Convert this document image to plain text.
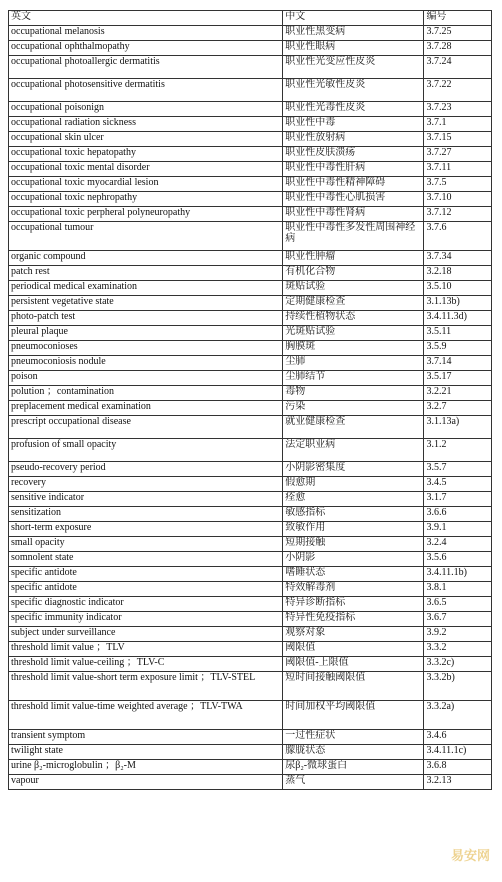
英文	中文	编号
occupational melanosis	职业性黑变病	3.7.25
occupational ophthalmopathy	职业性眼病	3.7.28
occupational photoallergic dermatitis	职业性光变应性皮炎	3.7.24
occupational photosensitive dermatitis	职业性光敏性皮炎	3.7.22
occupational poisonign	职业性光毒性皮炎	3.7.23
occupational radiation sickness	职业性中毒	3.7.1
occupational skin ulcer	职业性放射病	3.7.15
occupational toxic hepatopathy	职业性皮肤溃疡	3.7.27
occupational toxic mental disorder	职业性中毒性肝病	3.7.11
occupational toxic myocardial lesion	职业性中毒性精神障碍	3.7.5
occupational toxic nephropathy	职业性中毒性心肌损害	3.7.10
occupational toxic perpheral polyneuropathy	职业性中毒性肾病	3.7.12
occupational tumour	职业性中毒性多发性周围神经病	3.7.6
organic compound	职业性肿瘤	3.7.34
patch rest	有机化合物	3.2.18
periodical medical examination	斑贴试验	3.5.10
persistent vegetative state	定期健康检查	3.1.13b)
photo-patch test	持续性植物状态	3.4.11.3d)
pleural plaque	光斑贴试验	3.5.11
pneumoconioses	胸膜斑	3.5.9
pneumoconiosis nodule	尘肺	3.7.14
poison	尘肺结节	3.5.17
polution ；contamination	毒物	3.2.21
preplacement medical examination	污染	3.2.7
prescript occupational disease	就业健康检查	3.1.13a)
profusion of small opacity	法定职业病	3.1.2
pseudo-recovery period	小阴影密集度	3.5.7
recovery	假愈期	3.4.5
sensitive indicator	痊愈	3.1.7
sensitization	敏感指标	3.6.6
short-term exposure	致敏作用	3.9.1
small opacity	短期接触	3.2.4
somnolent state	小阴影	3.5.6
specific antidote	嗜睡状态	3.4.11.1b)
specific antidote	特效解毒剂	3.8.1
specific diagnostic indicator	特异诊断指标	3.6.5
specific immunity indicator	特异性免疫指标	3.6.7
subject under surveillance	观察对象	3.9.2
threshold limit value ；TLV	阈限值	3.3.2
threshold limit value-ceiling ；TLV-C	阈限值-上限值	3.3.2c)
threshold limit value-short term exposure limit ；TLV-STEL	短时间接触阈限值	3.3.2b)
threshold limit value-time weighted average ；TLV-TWA	时间加权平均阈限值	3.3.2a)
transient symptom	一过性症状	3.4.6
twilight state	朦胧状态	3.4.11.1c)
urine β₂-microglobulin ；β₂-M	尿β₂-微球蛋白	3.6.8
vapour	蒸气	3.2.13
易安网
